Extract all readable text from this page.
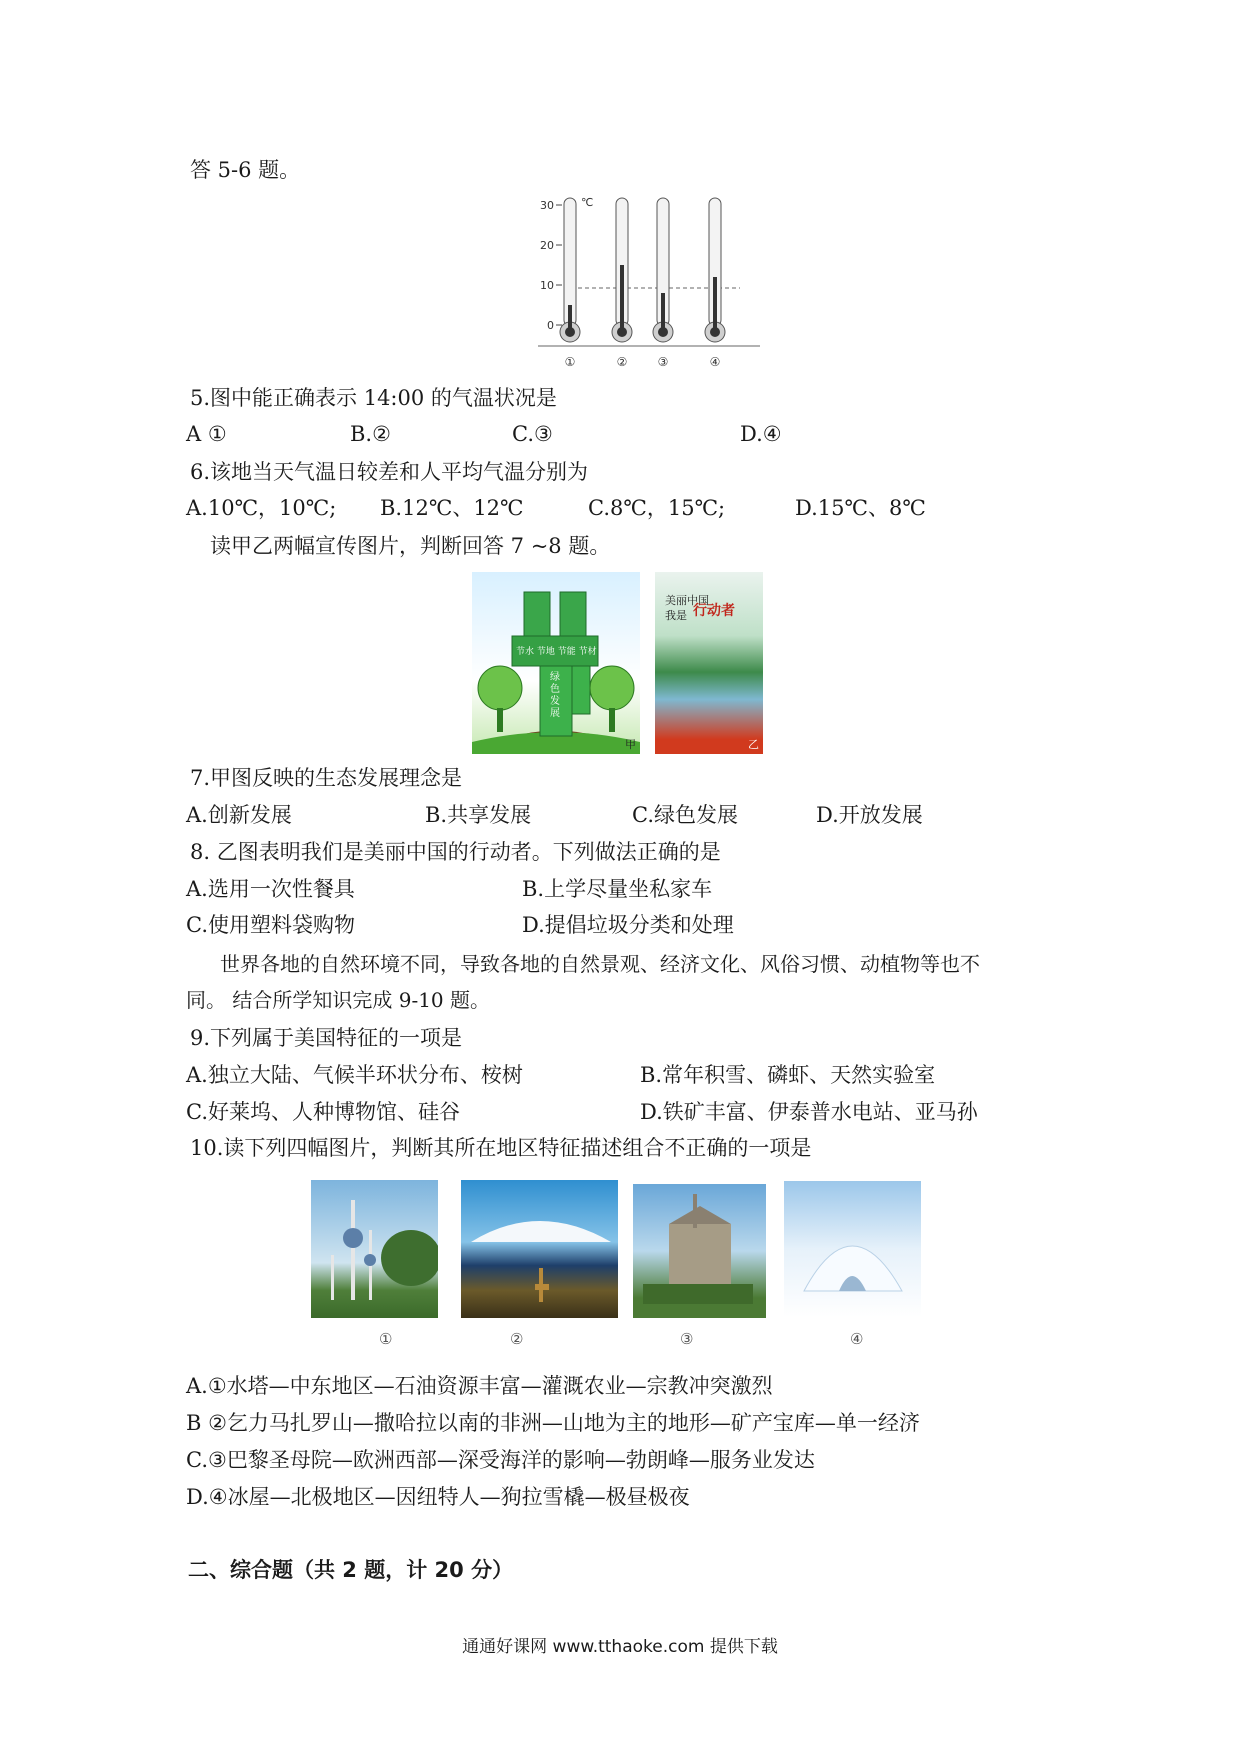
答 5-6 题。
30
20
10
0
①	②	③	④
℃
5.图中能正确表示 14:00 的气温状况是
A ①	B.②	C.③	D.④
6.该地当天气温日较差和人平均气温分别为
A.10℃，10℃; B.12℃、12℃	C.8℃，15℃;	D.15℃、8℃
读甲乙两幅宣传图片，判断回答 7 ~8 题。
节水 节地 节能 节材
绿色发展
甲
美丽中国
我是 行动者
乙
7.甲图反映的生态发展理念是
A.创新发展	B.共享发展	C.绿色发展	D.开放发展
8. 乙图表明我们是美丽中国的行动者。下列做法正确的是
A.选用一次性餐具	B.上学尽量坐私家车
C.使用塑料袋购物	D.提倡垃圾分类和处理
世界各地的自然环境不同，导致各地的自然景观、经济文化、风俗习惯、动植物等也不
同。 结合所学知识完成 9-10 题。
9.下列属于美国特征的一项是
A.独立大陆、气候半环状分布、桉树	B.常年积雪、磷虾、天然实验室
C.好莱坞、人种博物馆、硅谷	D.铁矿丰富、伊泰普水电站、亚马孙
10.读下列四幅图片，判断其所在地区特征描述组合不正确的一项是
①	②	③	④
A.①水塔—中东地区—石油资源丰富—灌溉农业—宗教冲突激烈
B ②乞力马扎罗山—撒哈拉以南的非洲—山地为主的地形—矿产宝库—单一经济
C.③巴黎圣母院—欧洲西部—深受海洋的影响—勃朗峰—服务业发达
D.④冰屋—北极地区—因纽特人—狗拉雪橇—极昼极夜
二、综合题（共 2 题，计 20 分）
通通好课网 www.tthaoke.com 提供下载
